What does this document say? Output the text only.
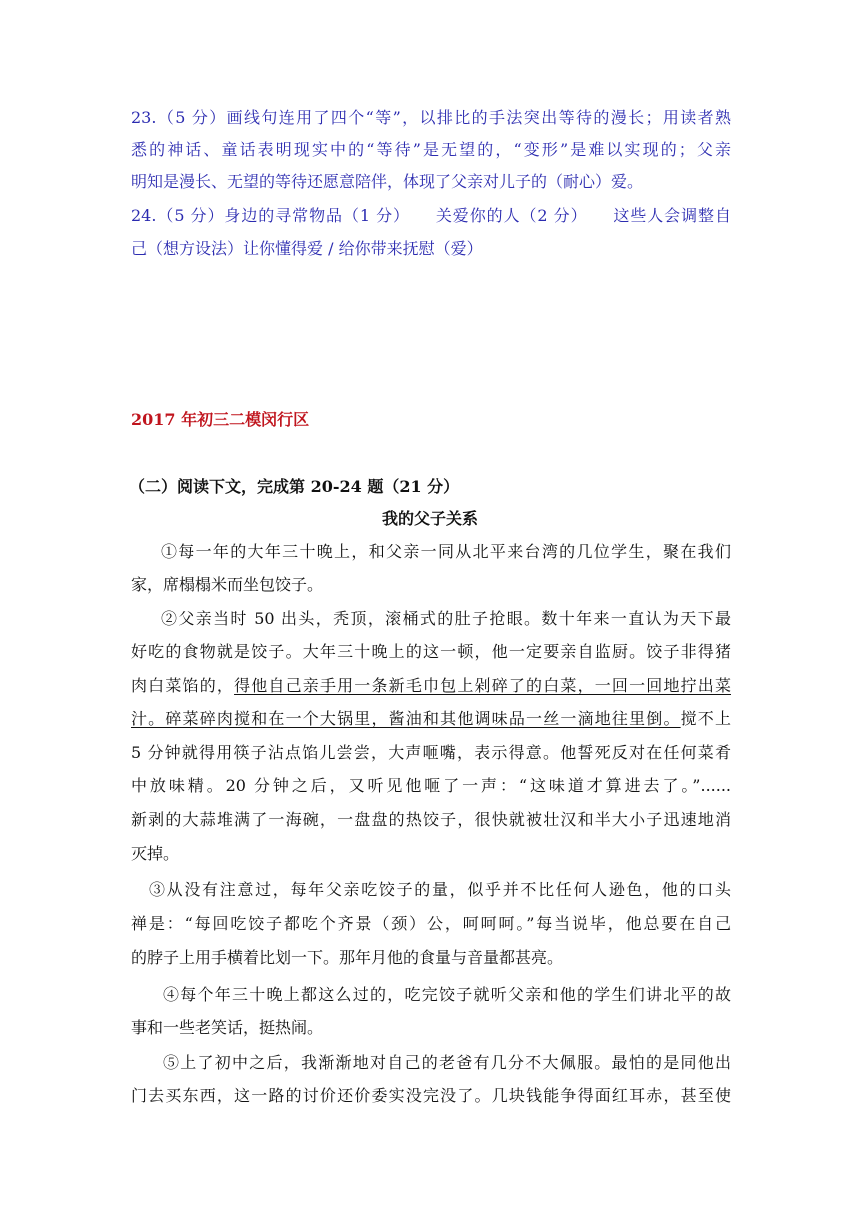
23.（5 分）画线句连用了四个“等”，以排比的手法突出等待的漫长；用读者熟
悉的神话、童话表明现实中的“等待”是无望的，“变形”是难以实现的；父亲
明知是漫长、无望的等待还愿意陪伴，体现了父亲对儿子的（耐心）爱。
24.（5 分）身边的寻常物品（1 分）　　关爱你的人（2 分）　　这些人会调整自
己（想方设法）让你懂得爱 / 给你带来抚慰（爱）
2017 年初三二模闵行区
（二）阅读下文，完成第 20-24 题（21 分）
我的父子关系
①每一年的大年三十晚上，和父亲一同从北平来台湾的几位学生，聚在我们
家，席榻榻米而坐包饺子。
②父亲当时 50 出头，秃顶，滚桶式的肚子抢眼。数十年来一直认为天下最
好吃的食物就是饺子。大年三十晚上的这一顿，他一定要亲自监厨。饺子非得猪
肉白菜馅的，得他自己亲手用一条新毛巾包上剁碎了的白菜，一回一回地拧出菜
汁。碎菜碎肉搅和在一个大锅里，酱油和其他调味品一丝一滴地往里倒。搅不上
5 分钟就得用筷子沾点馅儿尝尝，大声咂嘴，表示得意。他誓死反对在任何菜肴
中放味精。20 分钟之后，又听见他咂了一声：“这味道才算进去了。”......
新剥的大蒜堆满了一海碗，一盘盘的热饺子，很快就被壮汉和半大小子迅速地消
灭掉。
③从没有注意过，每年父亲吃饺子的量，似乎并不比任何人逊色，他的口头
禅是：“每回吃饺子都吃个齐景（颈）公，呵呵呵。”每当说毕，他总要在自己
的脖子上用手横着比划一下。那年月他的食量与音量都甚亮。
④每个年三十晚上都这么过的，吃完饺子就听父亲和他的学生们讲北平的故
事和一些老笑话，挺热闹。
⑤上了初中之后，我渐渐地对自己的老爸有几分不大佩服。最怕的是同他出
门去买东西，这一路的讨价还价委实没完没了。几块钱能争得面红耳赤，甚至使
